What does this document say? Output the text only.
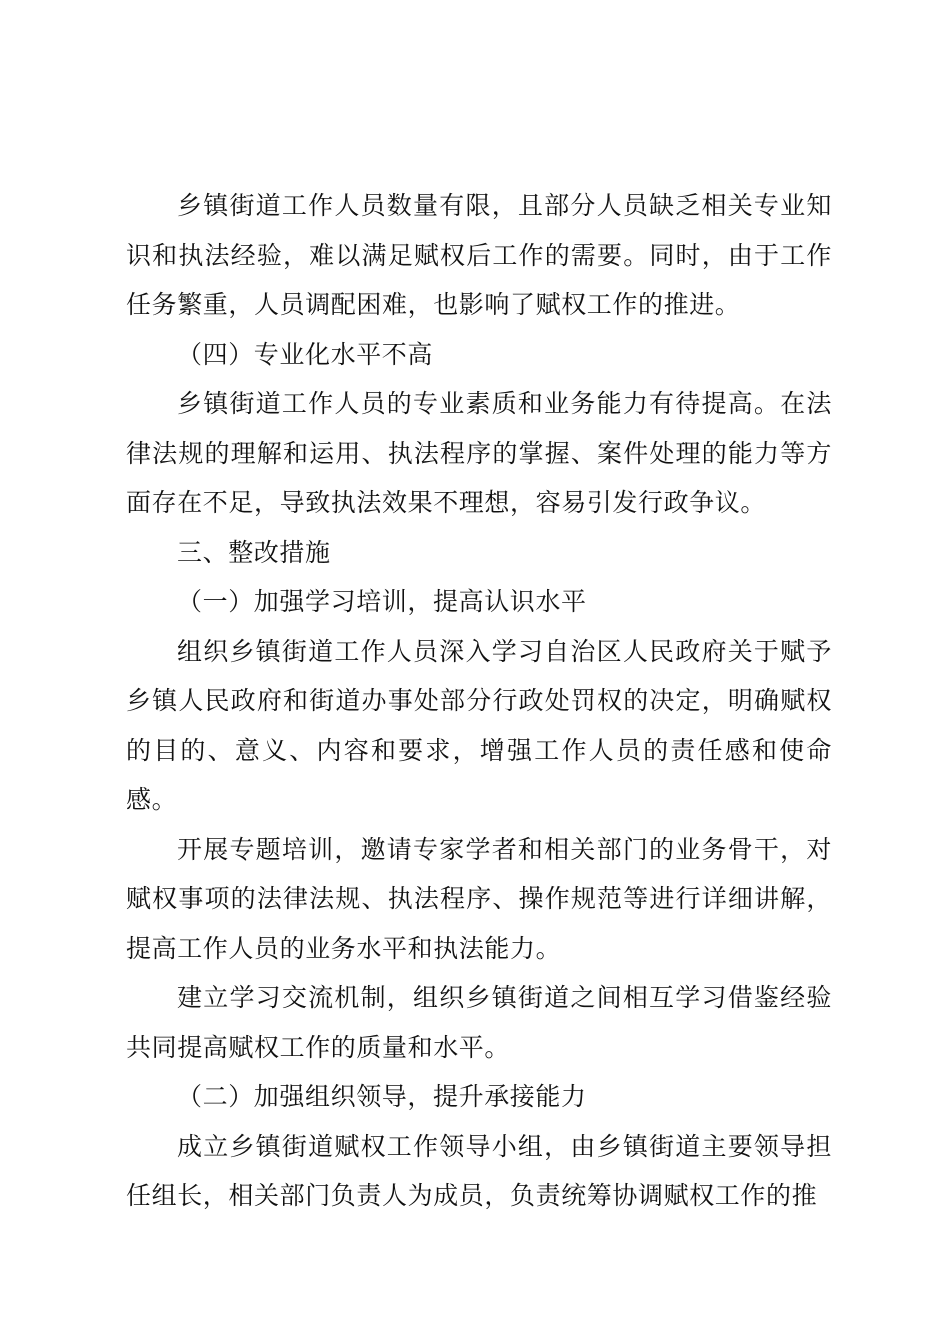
乡镇街道工作人员数量有限，且部分人员缺乏相关专业知识和执法经验，难以满足赋权后工作的需要。同时，由于工作任务繁重，人员调配困难，也影响了赋权工作的推进。

（四）专业化水平不高

乡镇街道工作人员的专业素质和业务能力有待提高。在法律法规的理解和运用、执法程序的掌握、案件处理的能力等方面存在不足，导致执法效果不理想，容易引发行政争议。

三、整改措施

（一）加强学习培训，提高认识水平

组织乡镇街道工作人员深入学习自治区人民政府关于赋予乡镇人民政府和街道办事处部分行政处罚权的决定，明确赋权的目的、意义、内容和要求，增强工作人员的责任感和使命感。

开展专题培训，邀请专家学者和相关部门的业务骨干，对赋权事项的法律法规、执法程序、操作规范等进行详细讲解，提高工作人员的业务水平和执法能力。

建立学习交流机制，组织乡镇街道之间相互学习借鉴经验共同提高赋权工作的质量和水平。

（二）加强组织领导，提升承接能力

成立乡镇街道赋权工作领导小组，由乡镇街道主要领导担任组长，相关部门负责人为成员，负责统筹协调赋权工作的推
